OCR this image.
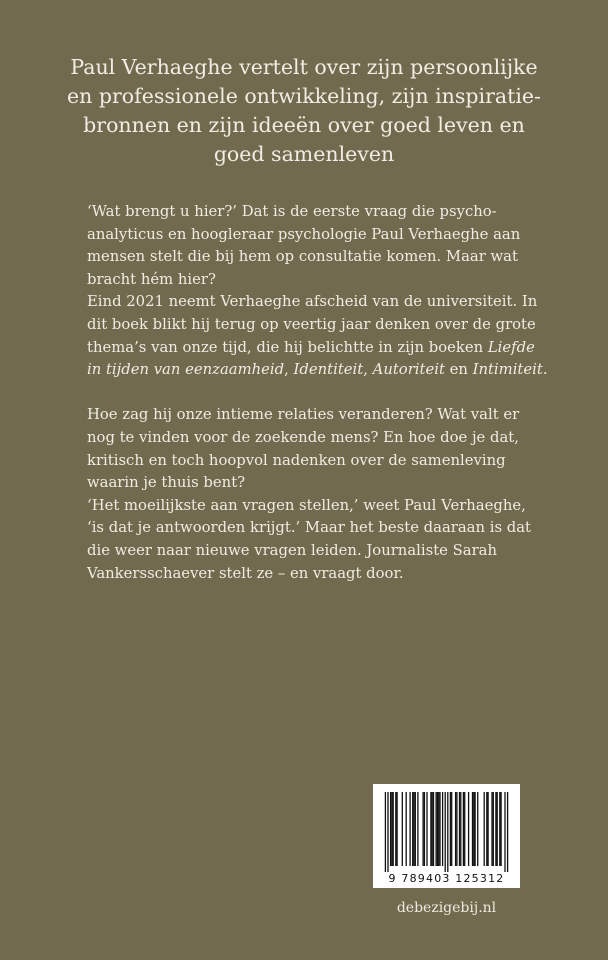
Paul Verhaeghe vertelt over zijn persoonlijke
en professionele ontwikkeling, zijn inspiratie-
bronnen en zijn ideeën over goed leven en
goed samenleven
‘Wat brengt u hier?’ Dat is de eerste vraag die psycho-
analyticus en hoogleraar psychologie Paul Verhaeghe aan
mensen stelt die bij hem op consultatie komen. Maar wat
bracht hém hier?
Eind 2021 neemt Verhaeghe afscheid van de universiteit. In
dit boek blikt hij terug op veertig jaar denken over de grote
thema’s van onze tijd, die hij belichtte in zijn boeken Liefde
in tijden van eenzaamheid, Identiteit, Autoriteit en Intimiteit.
Hoe zag hij onze intieme relaties veranderen? Wat valt er
nog te vinden voor de zoekende mens? En hoe doe je dat,
kritisch en toch hoopvol nadenken over de samenleving
waarin je thuis bent?
‘Het moeilijkste aan vragen stellen,’ weet Paul Verhaeghe,
‘is dat je antwoorden krijgt.’ Maar het beste daaraan is dat
die weer naar nieuwe vragen leiden. Journaliste Sarah
Vankersschaever stelt ze – en vraagt door.
9 789403 125312
debezigebij.nl
